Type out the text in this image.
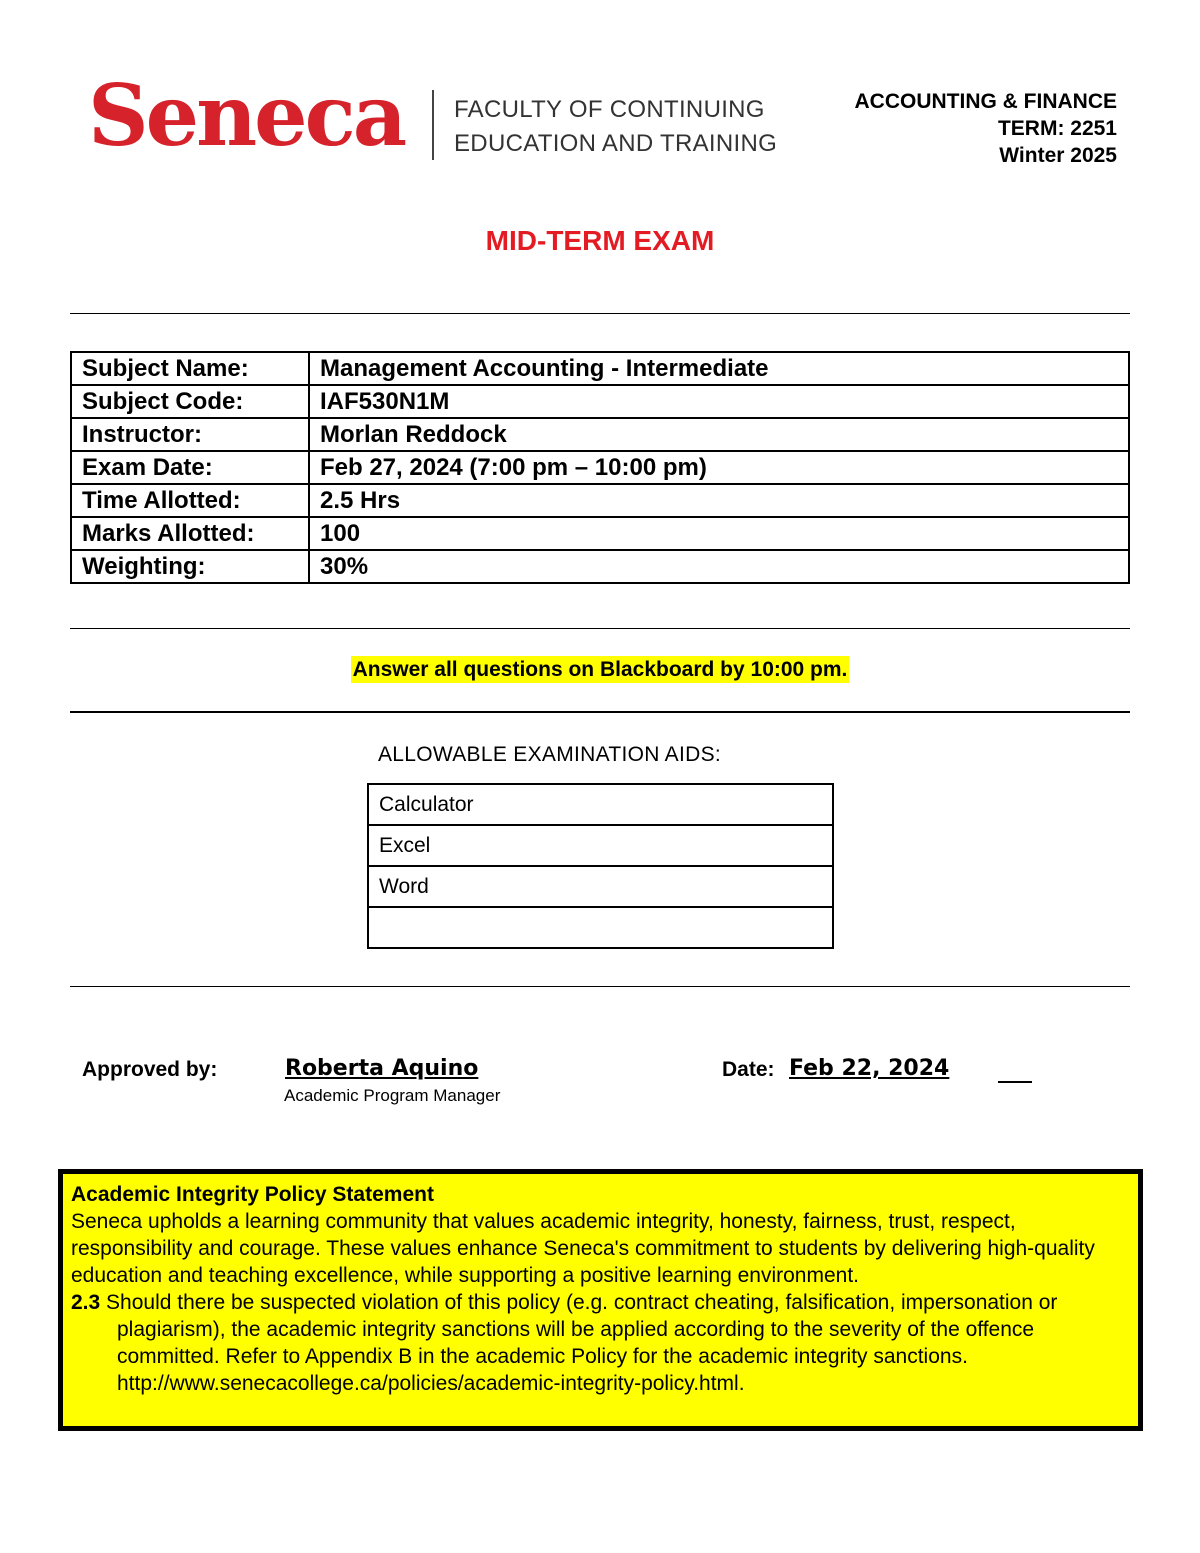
Seneca FACULTY OF CONTINUING
EDUCATION AND TRAINING
ACCOUNTING & FINANCE
TERM: 2251
Winter 2025
MID-TERM EXAM
Subject Name:	Management Accounting - Intermediate
Subject Code:	IAF530N1M
Instructor:	Morlan Reddock
Exam Date:	Feb 27, 2024 (7:00 pm – 10:00 pm)
Time Allotted:	2.5 Hrs
Marks Allotted:	100
Weighting:	30%
Answer all questions on Blackboard by 10:00 pm.
ALLOWABLE EXAMINATION AIDS:
Calculator
Excel
Word

Approved by:	Roberta Aquino
Academic Program Manager
Date: Feb 22, 2024
Academic Integrity Policy Statement

Seneca upholds a learning community that values academic integrity, honesty, fairness, trust, respect, responsibility and courage. These values enhance Seneca's commitment to students by delivering high-quality education and teaching excellence, while supporting a positive learning environment.

2.3 Should there be suspected violation of this policy (e.g. contract cheating, falsification, impersonation or plagiarism), the academic integrity sanctions will be applied according to the severity of the offence committed. Refer to Appendix B in the academic Policy for the academic integrity sanctions. http://www.senecacollege.ca/policies/academic-integrity-policy.html.
